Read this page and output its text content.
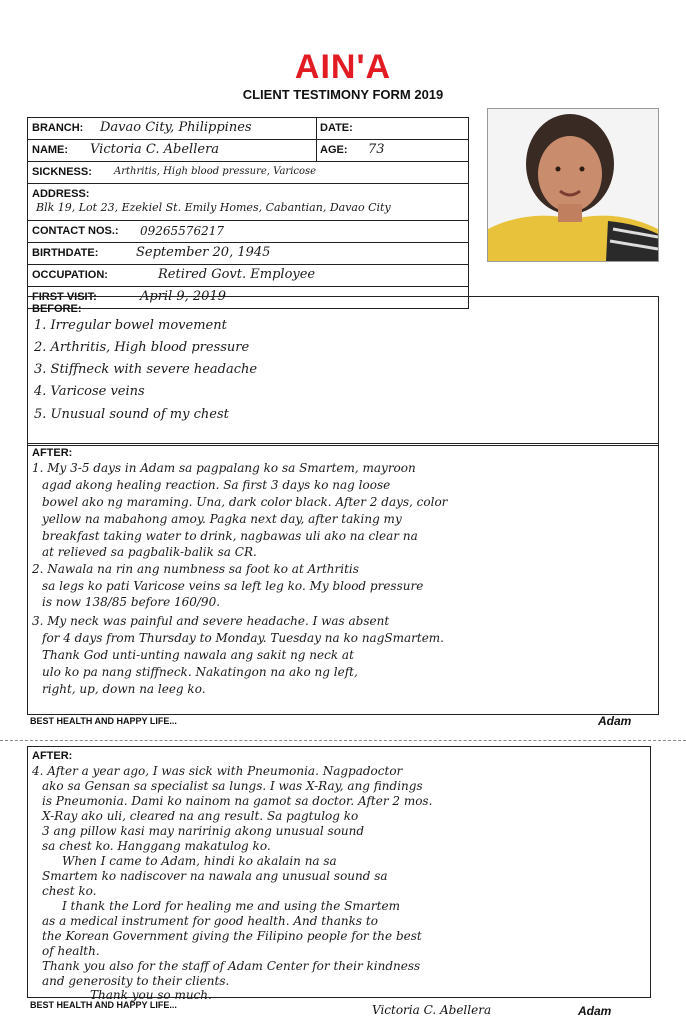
AIN'A
CLIENT TESTIMONY FORM 2019
BRANCH: Davao City, Philippines	DATE:
NAME: Victoria C. Abellera	AGE: 73
SICKNESS: Arthritis, High blood pressure, Varicose
ADDRESS:
Blk 19, Lot 23, Ezekiel St. Emily Homes, Cabantian, Davao City
CONTACT NOS.: 09265576217
BIRTHDATE:	September 20, 1945
OCCUPATION:	Retired Govt. Employee
FIRST VISIT:	April 9, 2019
BEFORE:
1. Irregular bowel movement
2. Arthritis, High blood pressure
3. Stiffneck with severe headache
4. Varicose veins
5. Unusual sound of my chest
AFTER:
1. My 3-5 days in Adam sa pagpalang ko sa Smartem, mayroon
agad akong healing reaction. Sa first 3 days ko nag loose
bowel ako ng maraming. Una, dark color black. After 2 days, color
yellow na mabahong amoy. Pagka next day, after taking my
breakfast taking water to drink, nagbawas uli ako na clear na
at relieved sa pagbalik-balik sa CR.
2. Nawala na rin ang numbness sa foot ko at Arthritis
sa legs ko pati Varicose veins sa left leg ko. My blood pressure
is now 138/85 before 160/90.
3. My neck was painful and severe headache. I was absent
for 4 days from Thursday to Monday. Tuesday na ko nagSmartem.
Thank God unti-unting nawala ang sakit ng neck at
ulo ko pa nang stiffneck. Nakatingon na ako ng left,
right, up, down na leeg ko.
BEST HEALTH AND HAPPY LIFE...	Adam
AFTER:
4. After a year ago, I was sick with Pneumonia. Nagpadoctor
ako sa Gensan sa specialist sa lungs. I was X-Ray, ang findings
is Pneumonia. Dami ko nainom na gamot sa doctor. After 2 mos.
X-Ray ako uli, cleared na ang result. Sa pagtulog ko
3 ang pillow kasi may naririnig akong unusual sound
sa chest ko. Hanggang makatulog ko.
When I came to Adam, hindi ko akalain na sa
Smartem ko nadiscover na nawala ang unusual sound sa
chest ko.
I thank the Lord for healing me and using the Smartem
as a medical instrument for good health. And thanks to
the Korean Government giving the Filipino people for the best
of health.
Thank you also for the staff of Adam Center for their kindness
and generosity to their clients.
Thank you so much.
BEST HEALTH AND HAPPY LIFE...	Victoria C. Abellera	Adam
